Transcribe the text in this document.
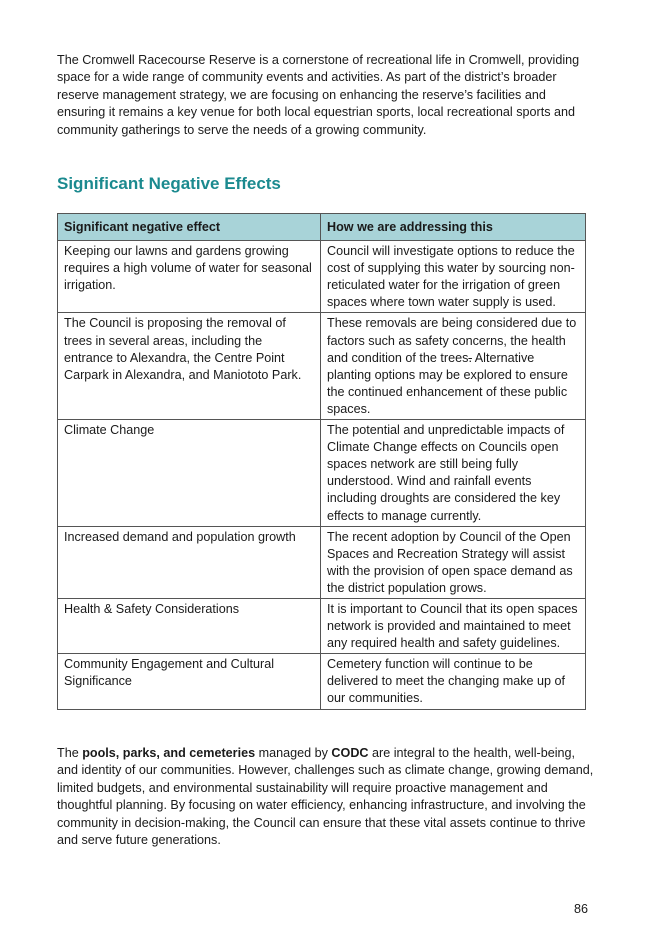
The Cromwell Racecourse Reserve is a cornerstone of recreational life in Cromwell, providing space for a wide range of community events and activities. As part of the district’s broader reserve management strategy, we are focusing on enhancing the reserve’s facilities and ensuring it remains a key venue for both local equestrian sports, local recreational sports and community gatherings to serve the needs of a growing community.

Significant Negative Effects
Significant negative effect	How we are addressing this
Keeping our lawns and gardens growing requires a high volume of water for seasonal irrigation.	Council will investigate options to reduce the cost of supplying this water by sourcing non-reticulated water for the irrigation of green spaces where town water supply is used.
The Council is proposing the removal of trees in several areas, including the entrance to Alexandra, the Centre Point Carpark in Alexandra, and Maniototo Park.	These removals are being considered due to factors such as safety concerns, the health and condition of the trees. Alternative planting options may be explored to ensure the continued enhancement of these public spaces.
Climate Change	The potential and unpredictable impacts of Climate Change effects on Councils open spaces network are still being fully understood. Wind and rainfall events including droughts are considered the key effects to manage currently.
Increased demand and population growth	The recent adoption by Council of the Open Spaces and Recreation Strategy will assist with the provision of open space demand as the district population grows.
Health & Safety Considerations	It is important to Council that its open spaces network is provided and maintained to meet any required health and safety guidelines.
Community Engagement and Cultural Significance	Cemetery function will continue to be delivered to meet the changing make up of our communities.

The pools, parks, and cemeteries managed by CODC are integral to the health, well-being, and identity of our communities. However, challenges such as climate change, growing demand, limited budgets, and environmental sustainability will require proactive management and thoughtful planning. By focusing on water efficiency, enhancing infrastructure, and involving the community in decision-making, the Council can ensure that these vital assets continue to thrive and serve future generations.

86
